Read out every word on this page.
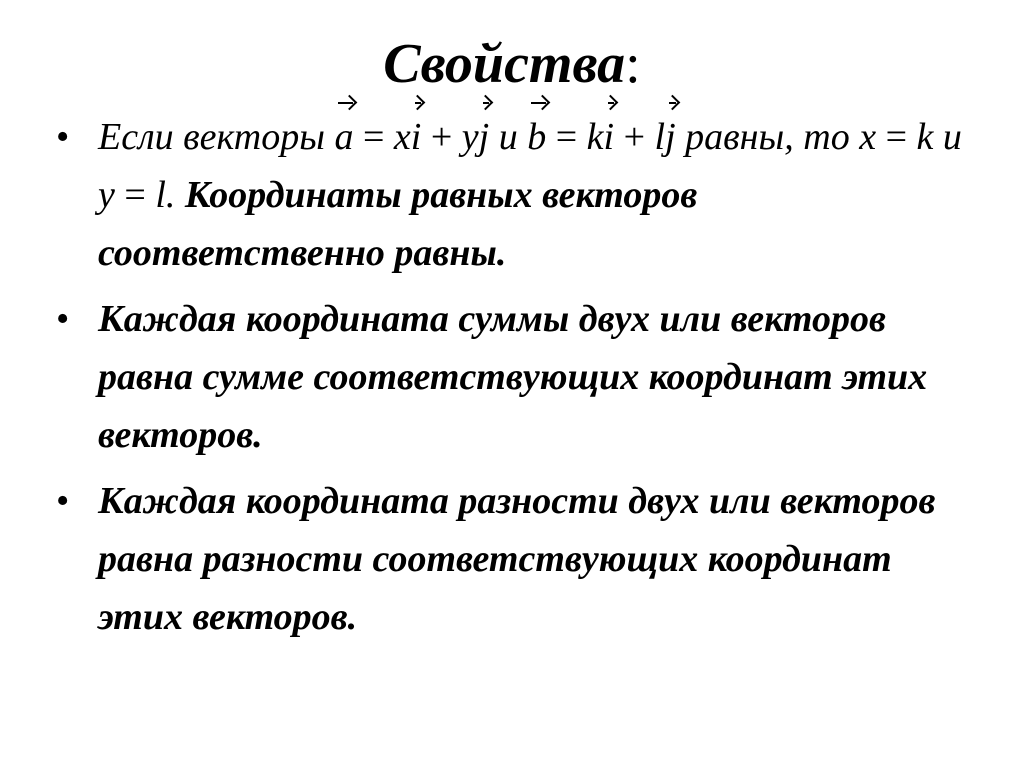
Свойства:
• Если векторы a = xi + yj и b = ki + lj равны, то x = k и y = l. Координаты равных векторов соответственно равны.
• Каждая координата суммы двух или векторов равна сумме соответствующих координат этих векторов.
• Каждая координата разности двух или векторов равна разности соответствующих координат этих векторов.
